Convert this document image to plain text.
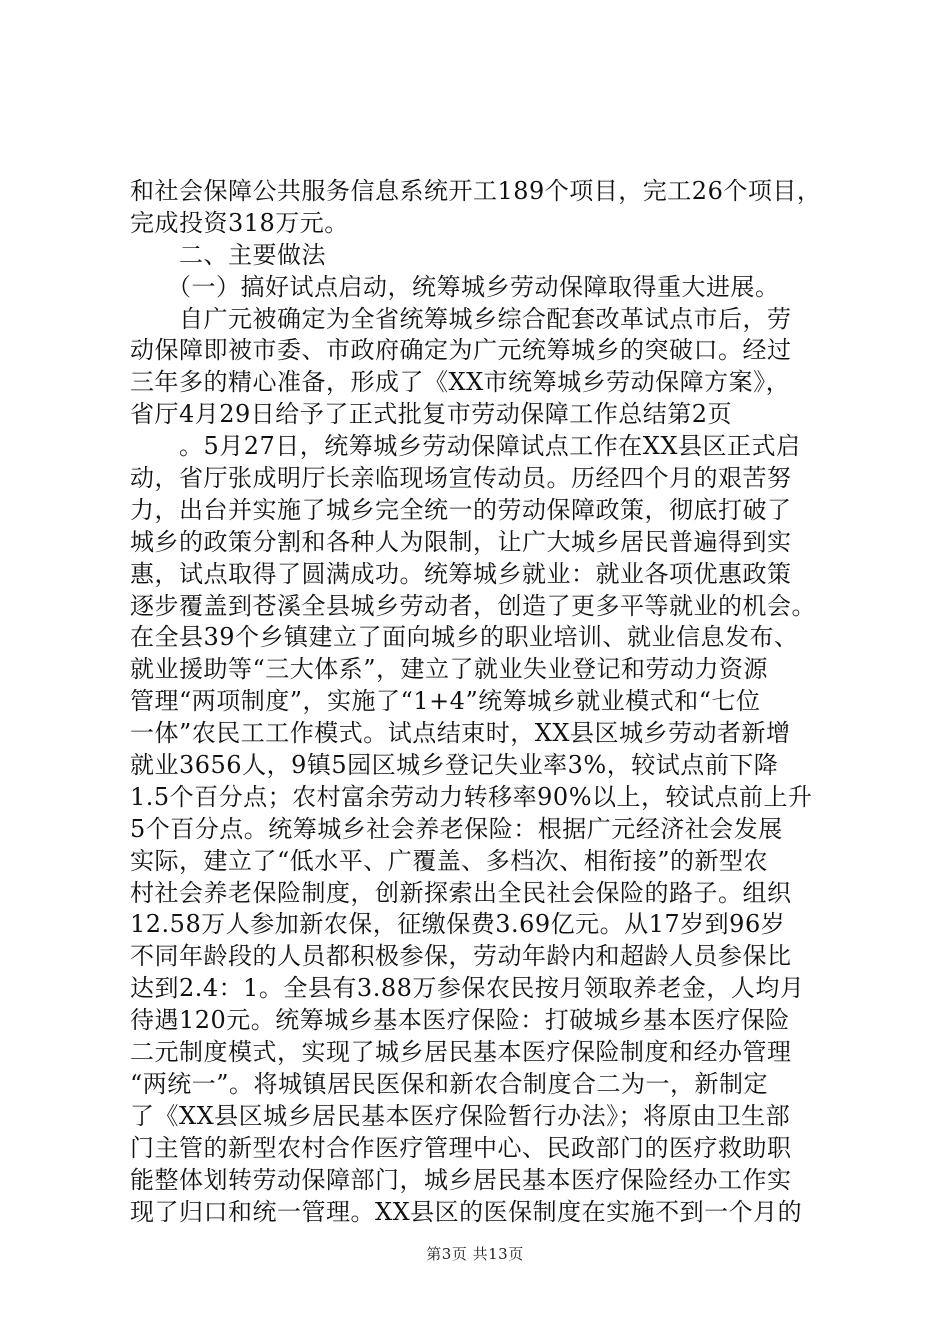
和社会保障公共服务信息系统开工189个项目，完工26个项目，
完成投资318万元。
　　二、主要做法
　　（一）搞好试点启动，统筹城乡劳动保障取得重大进展。
　　自广元被确定为全省统筹城乡综合配套改革试点市后，劳
动保障即被市委、市政府确定为广元统筹城乡的突破口。经过
三年多的精心准备，形成了《XX市统筹城乡劳动保障方案》，
省厅4月29日给予了正式批复市劳动保障工作总结第2页
　　。5月27日，统筹城乡劳动保障试点工作在XX县区正式启
动，省厅张成明厅长亲临现场宣传动员。历经四个月的艰苦努
力，出台并实施了城乡完全统一的劳动保障政策，彻底打破了
城乡的政策分割和各种人为限制，让广大城乡居民普遍得到实
惠，试点取得了圆满成功。统筹城乡就业：就业各项优惠政策
逐步覆盖到苍溪全县城乡劳动者，创造了更多平等就业的机会。
在全县39个乡镇建立了面向城乡的职业培训、就业信息发布、
就业援助等“三大体系”，建立了就业失业登记和劳动力资源
管理“两项制度”，实施了“1+4”统筹城乡就业模式和“七位
一体”农民工工作模式。试点结束时，XX县区城乡劳动者新增
就业3656人，9镇5园区城乡登记失业率3%，较试点前下降
1.5个百分点；农村富余劳动力转移率90%以上，较试点前上升
5个百分点。统筹城乡社会养老保险：根据广元经济社会发展
实际，建立了“低水平、广覆盖、多档次、相衔接”的新型农
村社会养老保险制度，创新探索出全民社会保险的路子。组织
12.58万人参加新农保，征缴保费3.69亿元。从17岁到96岁
不同年龄段的人员都积极参保，劳动年龄内和超龄人员参保比
达到2.4：1。全县有3.88万参保农民按月领取养老金，人均月
待遇120元。统筹城乡基本医疗保险：打破城乡基本医疗保险
二元制度模式，实现了城乡居民基本医疗保险制度和经办管理
“两统一”。将城镇居民医保和新农合制度合二为一，新制定
了《XX县区城乡居民基本医疗保险暂行办法》；将原由卫生部
门主管的新型农村合作医疗管理中心、民政部门的医疗救助职
能整体划转劳动保障部门，城乡居民基本医疗保险经办工作实
现了归口和统一管理。XX县区的医保制度在实施不到一个月的
第3页 共13页
